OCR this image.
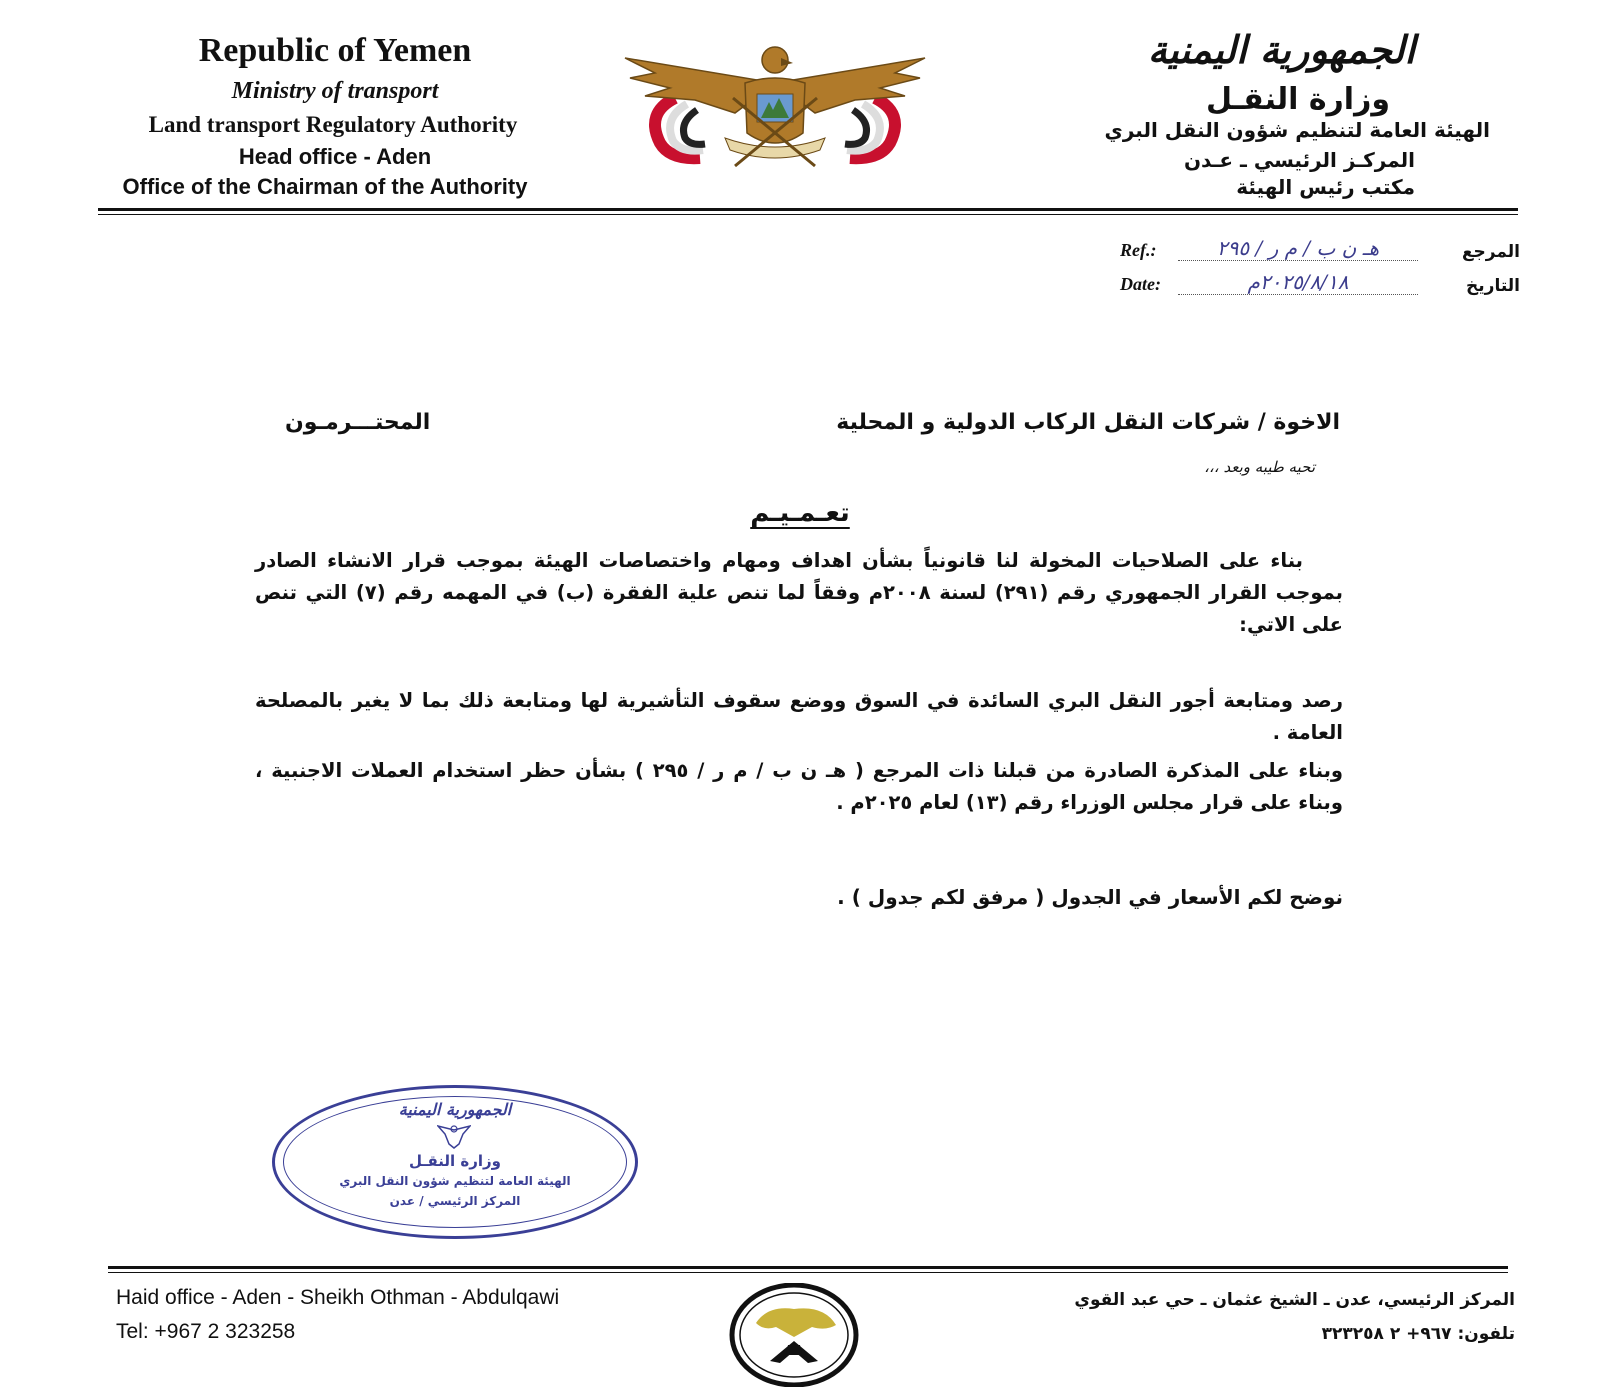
Republic of Yemen
Ministry of transport
Land transport Regulatory Authority
Head office - Aden
Office of the Chairman of the Authority
الجمهورية اليمنية
وزارة النقـل
الهيئة العامة لتنظيم شؤون النقل البري
المركـز الرئيسي ـ عـدن
مكتب رئيس الهيئة
المرجع
Ref.:	هـ ن ب / م ر / ٢٩٥
التاريخ
Date:	٢٠٢٥/٨/١٨م
الاخوة / شركات النقل الركاب الدولية و المحلية
المحتـــرمـون
تحيه طيبه وبعد ،،،
تعـمـيـم
بناء على الصلاحيات المخولة لنا قانونياً بشأن اهداف ومهام واختصاصات الهيئة بموجب قرار الانشاء الصادر بموجب القرار الجمهوري رقم (٢٩١) لسنة ٢٠٠٨م وفقاً لما تنص علية الفقرة (ب) في المهمه رقم (٧) التي تنص على الاتي:
رصد ومتابعة أجور النقل البري السائدة في السوق ووضع سقوف التأشيرية لها ومتابعة ذلك بما لا يغير بالمصلحة العامة .
وبناء على المذكرة الصادرة من قبلنا ذات المرجع ( هـ ن ب / م ر / ٢٩٥ ) بشأن حظر استخدام العملات الاجنبية ، وبناء على قرار مجلس الوزراء رقم (١٣) لعام ٢٠٢٥م .
نوضح لكم الأسعار في الجدول ( مرفق لكم جدول ) .
الجمهورية اليمنية
وزارة النقـل
الهيئة العامة لتنظيم شؤون النقل البري
المركز الرئيسي / عدن
Haid office - Aden - Sheikh Othman - Abdulqawi
Tel: +967 2 323258
المركز الرئيسي، عدن ـ الشيخ عثمان ـ حي عبد القوي
تلفون: ٩٦٧+ ٢ ٣٢٣٢٥٨
